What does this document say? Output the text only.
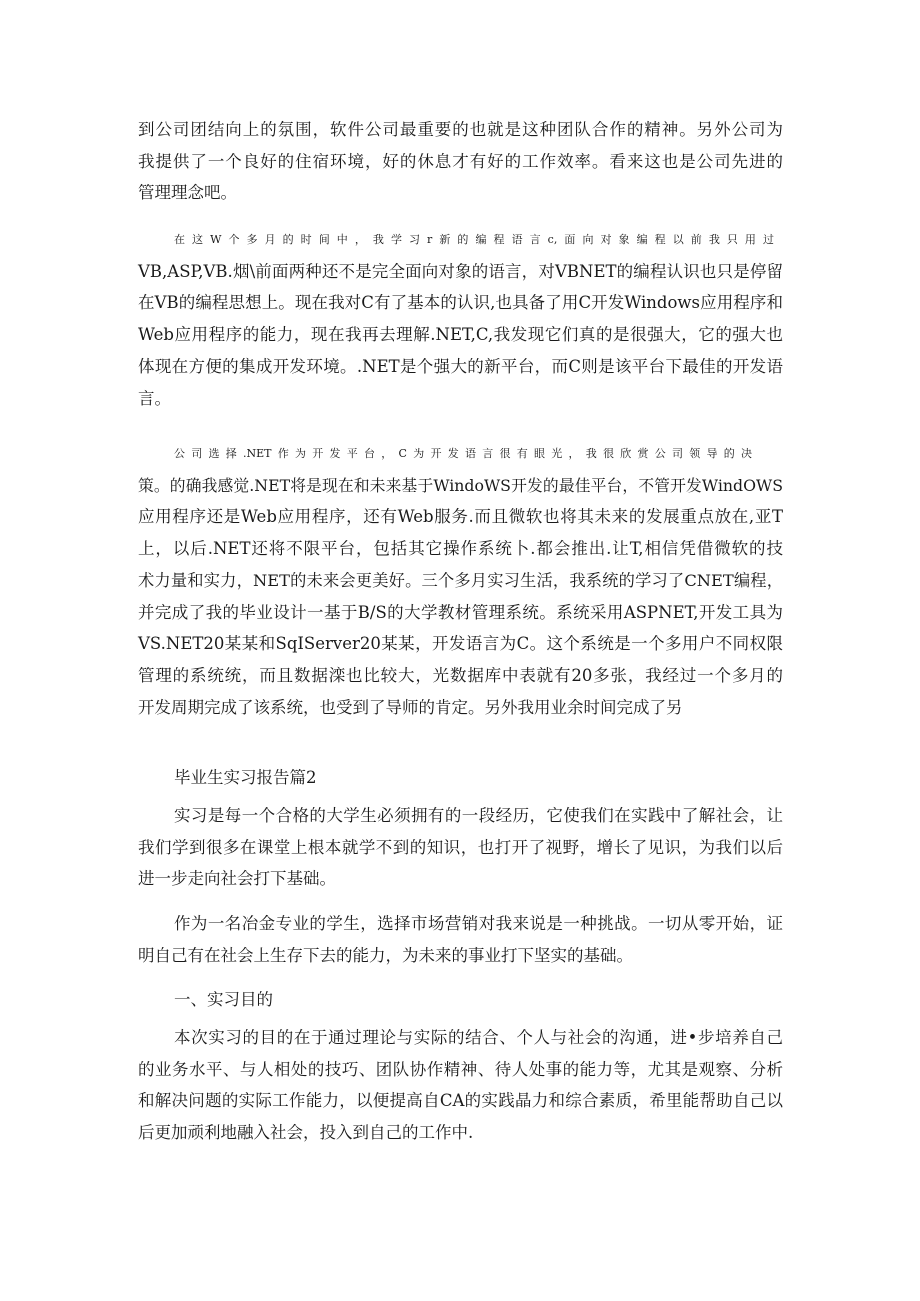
到公司团结向上的氛围，软件公司最重要的也就是这种团队合作的精神。另外公司为
我提供了一个良好的住宿环境，好的休息才有好的工作效率。看来这也是公司先进的
管理理念吧。
在这W个多月的时间中，我学习r新的编程语言c,面向对象编程以前我只用过
VB,ASP,VB.烟\前面两种还不是完全面向对象的语言，对VBNET的编程认识也只是停留
在VB的编程思想上。现在我对C有了基本的认识,也具备了用C开发Windows应用程序和
Web应用程序的能力，现在我再去理解.NET,C,我发现它们真的是很强大，它的强大也
体现在方便的集成开发环境。.NET是个强大的新平台，而C则是该平台下最佳的开发语
言。
公司选择.NET作为开发平台，C为开发语言很有眼光，我很欣赏公司领导的决
策。的确我感觉.NET将是现在和未来基于WindoWS开发的最佳平台，不管开发WindOWS
应用程序还是Web应用程序，还有Web服务.而且微软也将其未来的发展重点放在,亚T
上，以后.NET还将不限平台，包括其它操作系统卜.都会推出.让T,相信凭借微软的技
术力量和实力，NET的未来会更美好。三个多月实习生活，我系统的学习了CNET编程，
并完成了我的毕业设计一基于B/S的大学教材管理系统。系统采用ASPNET,开发工具为
VS.NET20某某和SqIServer20某某，开发语言为C。这个系统是一个多用户不同权限
管理的系统统，而且数据滦也比较大，光数据库中表就有20多张，我经过一个多月的
开发周期完成了该系统，也受到了导师的肯定。另外我用业余时间完成了另
毕业生实习报告篇2
实习是每一个合格的大学生必须拥有的一段经历，它使我们在实践中了解社会，让
我们学到很多在课堂上根本就学不到的知识，也打开了视野，增长了见识，为我们以后
进一步走向社会打下基础。
作为一名冶金专业的学生，选择市场营销对我来说是一种挑战。一切从零开始，证
明自己有在社会上生存下去的能力，为未来的事业打下坚实的基础。
一、实习目的
本次实习的目的在于通过理论与实际的结合、个人与社会的沟通，进•步培养自己
的业务水平、与人相处的技巧、团队协作精神、待人处事的能力等，尤其是观察、分析
和解决问题的实际工作能力，以便提高自CA的实践晶力和综合素质，希里能帮助自己以
后更加顽利地融入社会，投入到自己的工作中.
